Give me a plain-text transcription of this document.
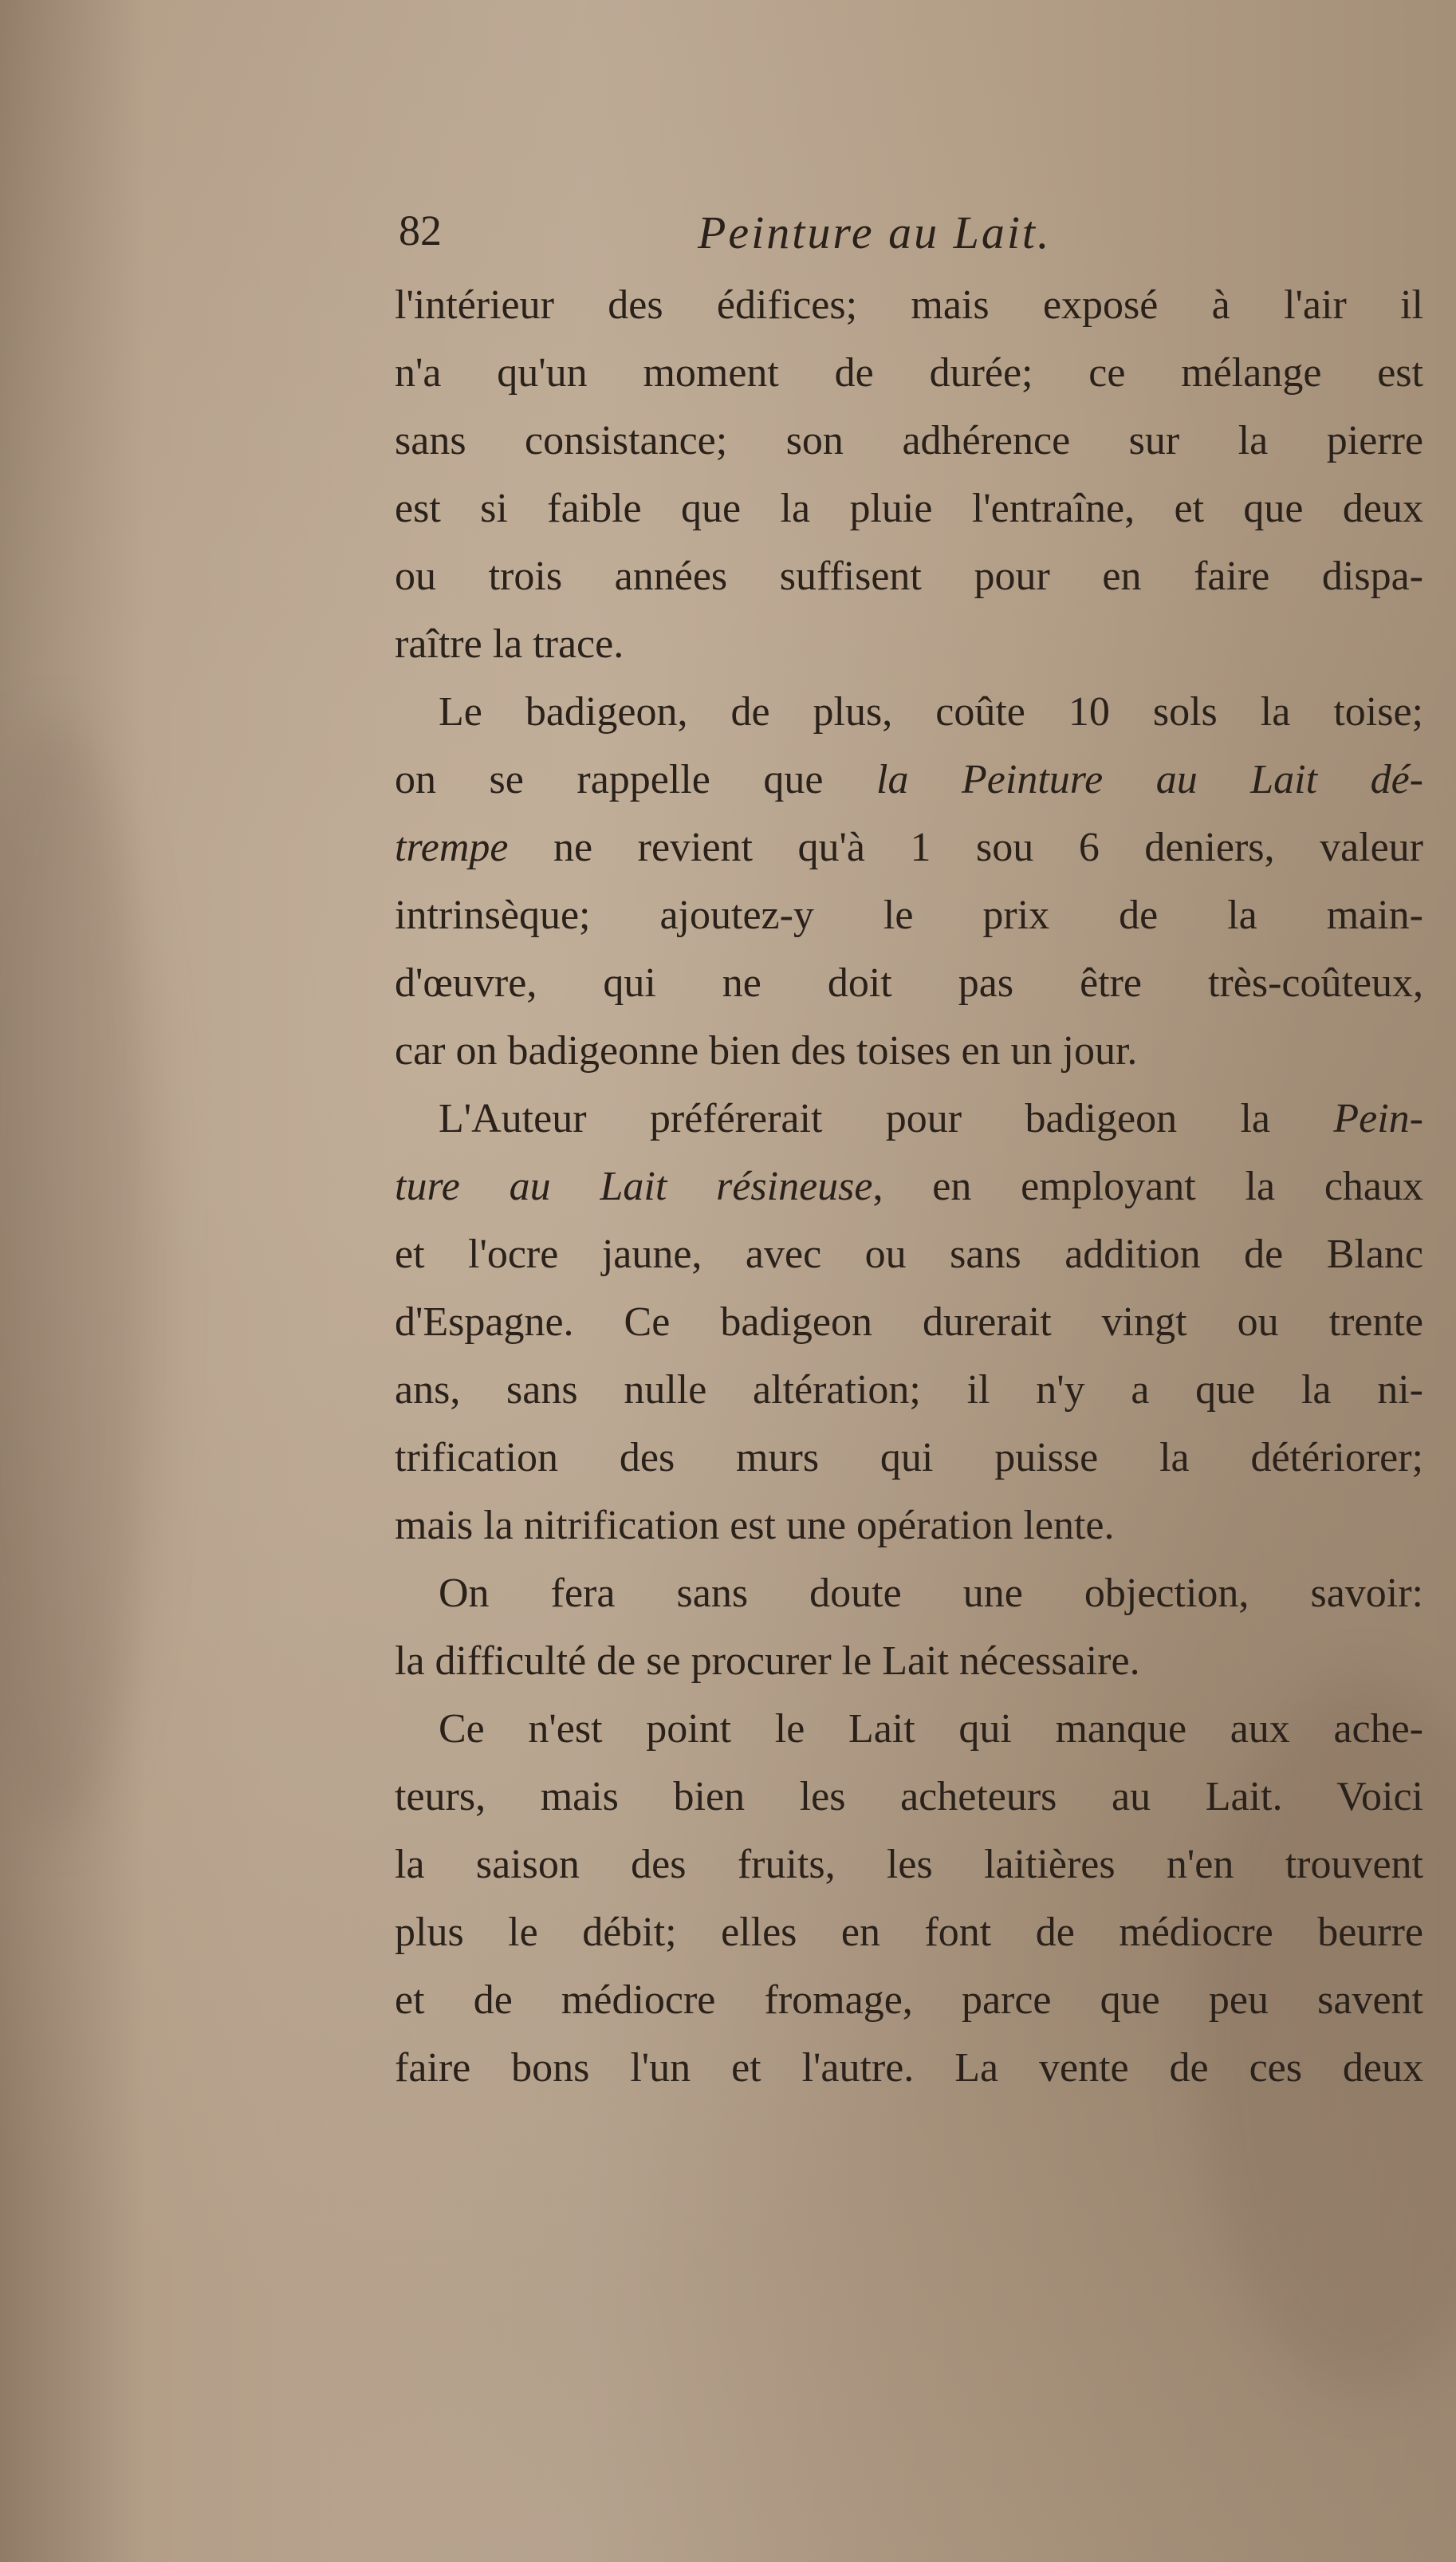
82	Peinture au Lait.
l'intérieur des édifices; mais exposé à l'air il
n'a qu'un moment de durée; ce mélange est
sans consistance; son adhérence sur la pierre
est si faible que la pluie l'entraîne, et que deux
ou trois années suffisent pour en faire dispa-
raître la trace.
Le badigeon, de plus, coûte 10 sols la toise;
on se rappelle que la Peinture au Lait dé-
trempe ne revient qu'à 1 sou 6 deniers, valeur
intrinsèque; ajoutez-y le prix de la main-
d'œuvre, qui ne doit pas être très-coûteux,
car on badigeonne bien des toises en un jour.
L'Auteur préférerait pour badigeon la Pein-
ture au Lait résineuse, en employant la chaux
et l'ocre jaune, avec ou sans addition de Blanc
d'Espagne. Ce badigeon durerait vingt ou trente
ans, sans nulle altération; il n'y a que la ni-
trification des murs qui puisse la détériorer;
mais la nitrification est une opération lente.
On fera sans doute une objection, savoir:
la difficulté de se procurer le Lait nécessaire.
Ce n'est point le Lait qui manque aux ache-
teurs, mais bien les acheteurs au Lait. Voici
la saison des fruits, les laitières n'en trouvent
plus le débit; elles en font de médiocre beurre
et de médiocre fromage, parce que peu savent
faire bons l'un et l'autre. La vente de ces deux
